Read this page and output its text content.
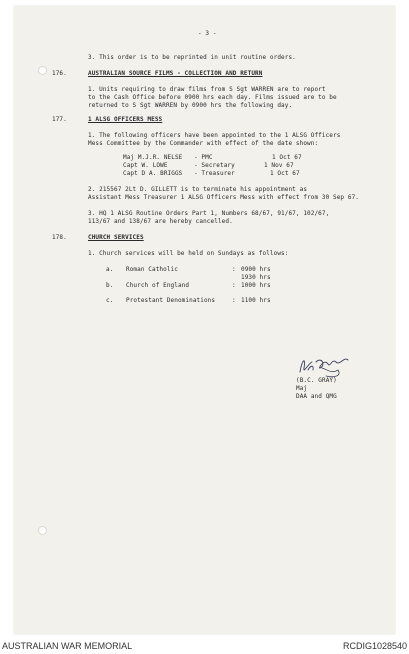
- 3 -
3. This order is to be reprinted in unit routine orders.
176.	AUSTRALIAN SOURCE FILMS - COLLECTION AND RETURN
1. Units requiring to draw films from S Sgt WARREN are to report
to the Cash Office before 0900 hrs each day. Films issued are to be
returned to S Sgt WARREN by 0900 hrs the following day.
177.	1 ALSG OFFICERS MESS
1. The following officers have been appointed to the 1 ALSG Officers
Mess Committee by the Commander with effect of the date shown:
Maj M.J.R. NELSE - PMC	1 Oct 67
Capt W. LOWE	- Secretary	1 Nov 67
Capt D A. BRIGGS - Treasurer	1 Oct 67
2. 215567 2Lt D. GILLETT is to terminate his appointment as
Assistant Mess Treasurer 1 ALSG Officers Mess with effect from 30 Sep 67.
3. HQ 1 ALSG Routine Orders Part 1, Numbers 68/67, 91/67, 102/67,
113/67 and 138/67 are hereby cancelled.
178.	CHURCH SERVICES
1. Church services will be held on Sundays as follows:
a. Roman Catholic	: 0900 hrs
1930 hrs
b. Church of England	: 1000 hrs
c. Protestant Denominations	: 1100 hrs
(B.C. GRAY)
Maj
DAA and QMG
AUSTRALIAN WAR MEMORIAL	RCDIG1028540
